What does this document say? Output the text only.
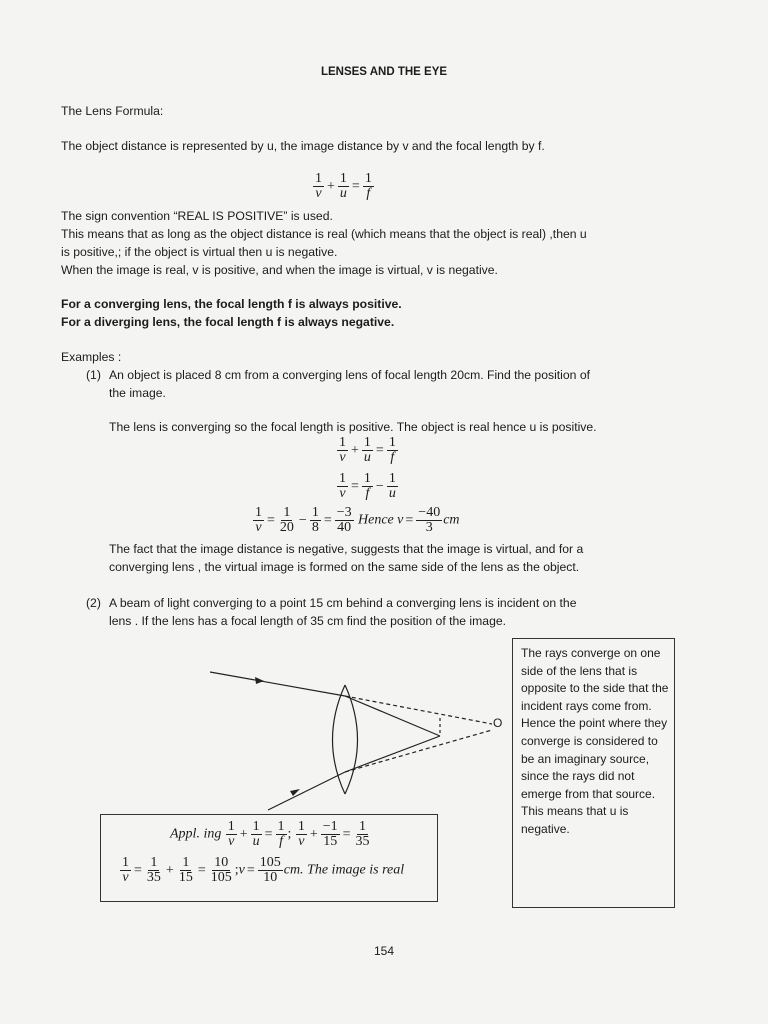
LENSES AND THE EYE
The Lens Formula:
The object distance is represented by u, the image distance by v and the focal length by f.
$\frac{1}{v} + \frac{1}{u} = \frac{1}{f}$
The sign convention “REAL IS POSITIVE” is used.
This means that as long as the object distance is real (which means that the object is real) ,then u
is positive,; if the object is virtual then u is negative.
When the image is real, v is positive, and when the image is virtual, v is negative.
For a converging lens, the focal length f is always positive.
For a diverging lens, the focal length f is always negative.
Examples :
(1) An object is placed 8 cm from a converging lens of focal length 20cm. Find the position of
the image.
The lens is converging so the focal length is positive. The object is real hence u is positive.
$\frac{1}{v} + \frac{1}{u} = \frac{1}{f}$
$\frac{1}{v} = \frac{1}{f} - \frac{1}{u}$
$\frac{1}{v} = \frac{1}{20} - \frac{1}{8} = \frac{-3}{40}$ Hence $v = \frac{-40}{3}$ cm
The fact that the image distance is negative, suggests that the image is virtual, and for a
converging lens , the virtual image is formed on the same side of the lens as the object.
(2) A beam of light converging to a point 15 cm behind a converging lens is incident on the
lens . If the lens has a focal length of 35 cm find the position of the image.
O
The rays converge on one side of the lens that is opposite to the side that the incident rays come from. Hence the point where they converge is considered to be an imaginary source, since the rays did not emerge from that source. This means that u is negative.
Appl. ing $\frac{1}{v} + \frac{1}{u} = \frac{1}{f}$ ; $\frac{1}{v} + \frac{-1}{15} = \frac{1}{35}$
$\frac{1}{v} = \frac{1}{35} + \frac{1}{15} = \frac{10}{105}$ ;v = $\frac{105}{10}$ cm. The image is real
154
